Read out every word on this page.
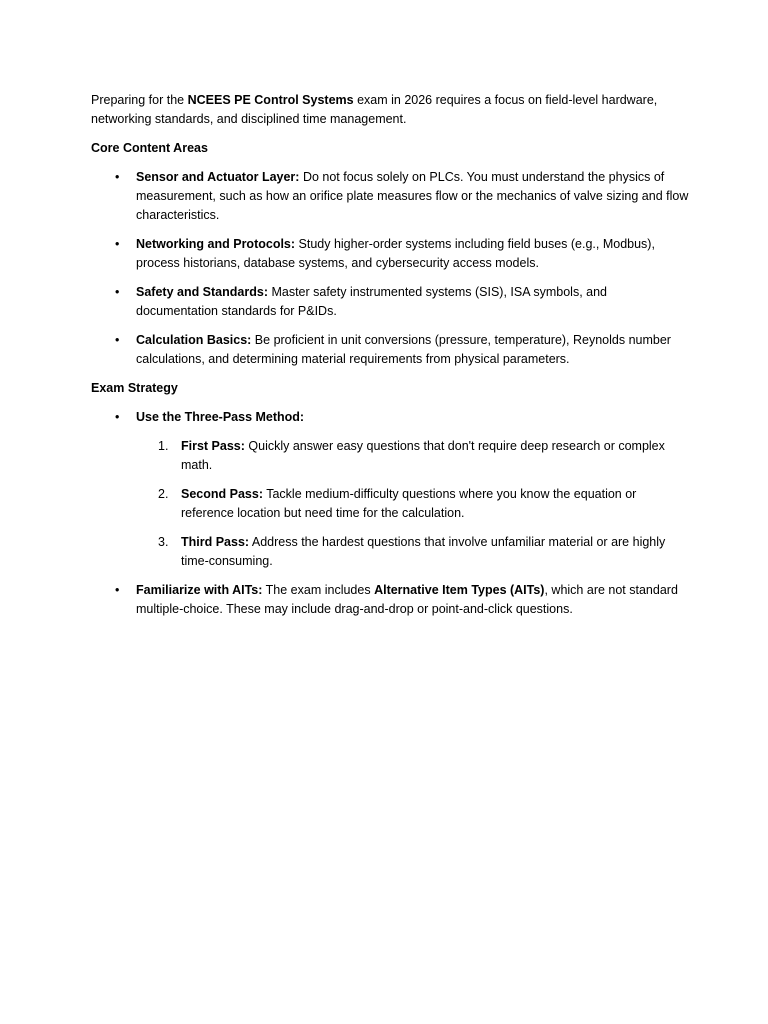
Preparing for the NCEES PE Control Systems exam in 2026 requires a focus on field-level hardware, networking standards, and disciplined time management.

Core Content Areas

• Sensor and Actuator Layer: Do not focus solely on PLCs. You must understand the physics of measurement, such as how an orifice plate measures flow or the mechanics of valve sizing and flow characteristics.
• Networking and Protocols: Study higher-order systems including field buses (e.g., Modbus), process historians, database systems, and cybersecurity access models.
• Safety and Standards: Master safety instrumented systems (SIS), ISA symbols, and documentation standards for P&IDs.
• Calculation Basics: Be proficient in unit conversions (pressure, temperature), Reynolds number calculations, and determining material requirements from physical parameters.

Exam Strategy

• Use the Three-Pass Method:
1. First Pass: Quickly answer easy questions that don't require deep research or complex math.
2. Second Pass: Tackle medium-difficulty questions where you know the equation or reference location but need time for the calculation.
3. Third Pass: Address the hardest questions that involve unfamiliar material or are highly time-consuming.
• Familiarize with AITs: The exam includes Alternative Item Types (AITs), which are not standard multiple-choice. These may include drag-and-drop or point-and-click questions.
